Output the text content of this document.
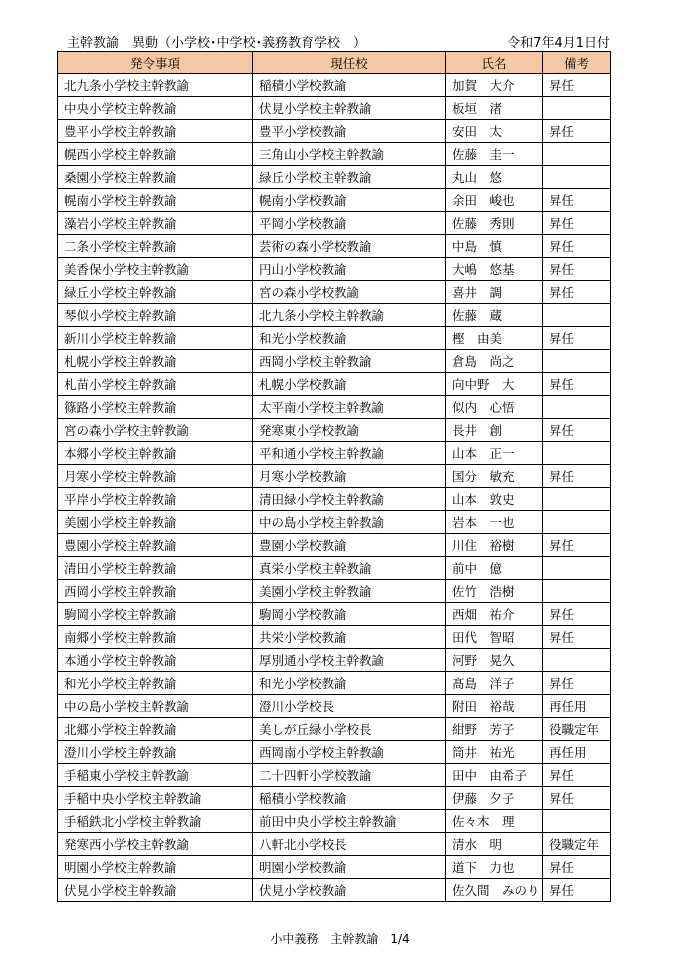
主幹教諭　異動（小学校･中学校･義務教育学校　）	令和7年4月1日付
発令事項	現任校	氏名	備考
北九条小学校主幹教諭	稲積小学校教諭	加賀　大介	昇任
中央小学校主幹教諭	伏見小学校主幹教諭	板垣　渚	
豊平小学校主幹教諭	豊平小学校教諭	安田　太	昇任
幌西小学校主幹教諭	三角山小学校主幹教諭	佐藤　圭一	
桑園小学校主幹教諭	緑丘小学校主幹教諭	丸山　悠	
幌南小学校主幹教諭	幌南小学校教諭	余田　峻也	昇任
藻岩小学校主幹教諭	平岡小学校教諭	佐藤　秀則	昇任
二条小学校主幹教諭	芸術の森小学校教諭	中島　慎	昇任
美香保小学校主幹教諭	円山小学校教諭	大嶋　悠基	昇任
緑丘小学校主幹教諭	宮の森小学校教諭	喜井　調	昇任
琴似小学校主幹教諭	北九条小学校主幹教諭	佐藤　蔵	
新川小学校主幹教諭	和光小学校教諭	樫　由美	昇任
札幌小学校主幹教諭	西岡小学校主幹教諭	倉島　尚之	
札苗小学校主幹教諭	札幌小学校教諭	向中野　大	昇任
篠路小学校主幹教諭	太平南小学校主幹教諭	似内　心悟	
宮の森小学校主幹教諭	発寒東小学校教諭	長井　創	昇任
本郷小学校主幹教諭	平和通小学校主幹教諭	山本　正一	
月寒小学校主幹教諭	月寒小学校教諭	国分　敏充	昇任
平岸小学校主幹教諭	清田緑小学校主幹教諭	山本　敦史	
美園小学校主幹教諭	中の島小学校主幹教諭	岩本　一也	
豊園小学校主幹教諭	豊園小学校教諭	川住　裕樹	昇任
清田小学校主幹教諭	真栄小学校主幹教諭	前中　億	
西岡小学校主幹教諭	美園小学校主幹教諭	佐竹　浩樹	
駒岡小学校主幹教諭	駒岡小学校教諭	西畑　祐介	昇任
南郷小学校主幹教諭	共栄小学校教諭	田代　智昭	昇任
本通小学校主幹教諭	厚別通小学校主幹教諭	河野　晃久	
和光小学校主幹教諭	和光小学校教諭	髙島　洋子	昇任
中の島小学校主幹教諭	澄川小学校長	附田　裕哉	再任用
北郷小学校主幹教諭	美しが丘緑小学校長	紺野　芳子	役職定年
澄川小学校主幹教諭	西岡南小学校主幹教諭	筒井　祐光	再任用
手稲東小学校主幹教諭	二十四軒小学校教諭	田中　由希子	昇任
手稲中央小学校主幹教諭	稲積小学校教諭	伊藤　夕子	昇任
手稲鉄北小学校主幹教諭	前田中央小学校主幹教諭	佐々木　理	
発寒西小学校主幹教諭	八軒北小学校長	清水　明	役職定年
明園小学校主幹教諭	明園小学校教諭	道下　力也	昇任
伏見小学校主幹教諭	伏見小学校教諭	佐久間　みのり	昇任
小中義務　主幹教諭　1/4
